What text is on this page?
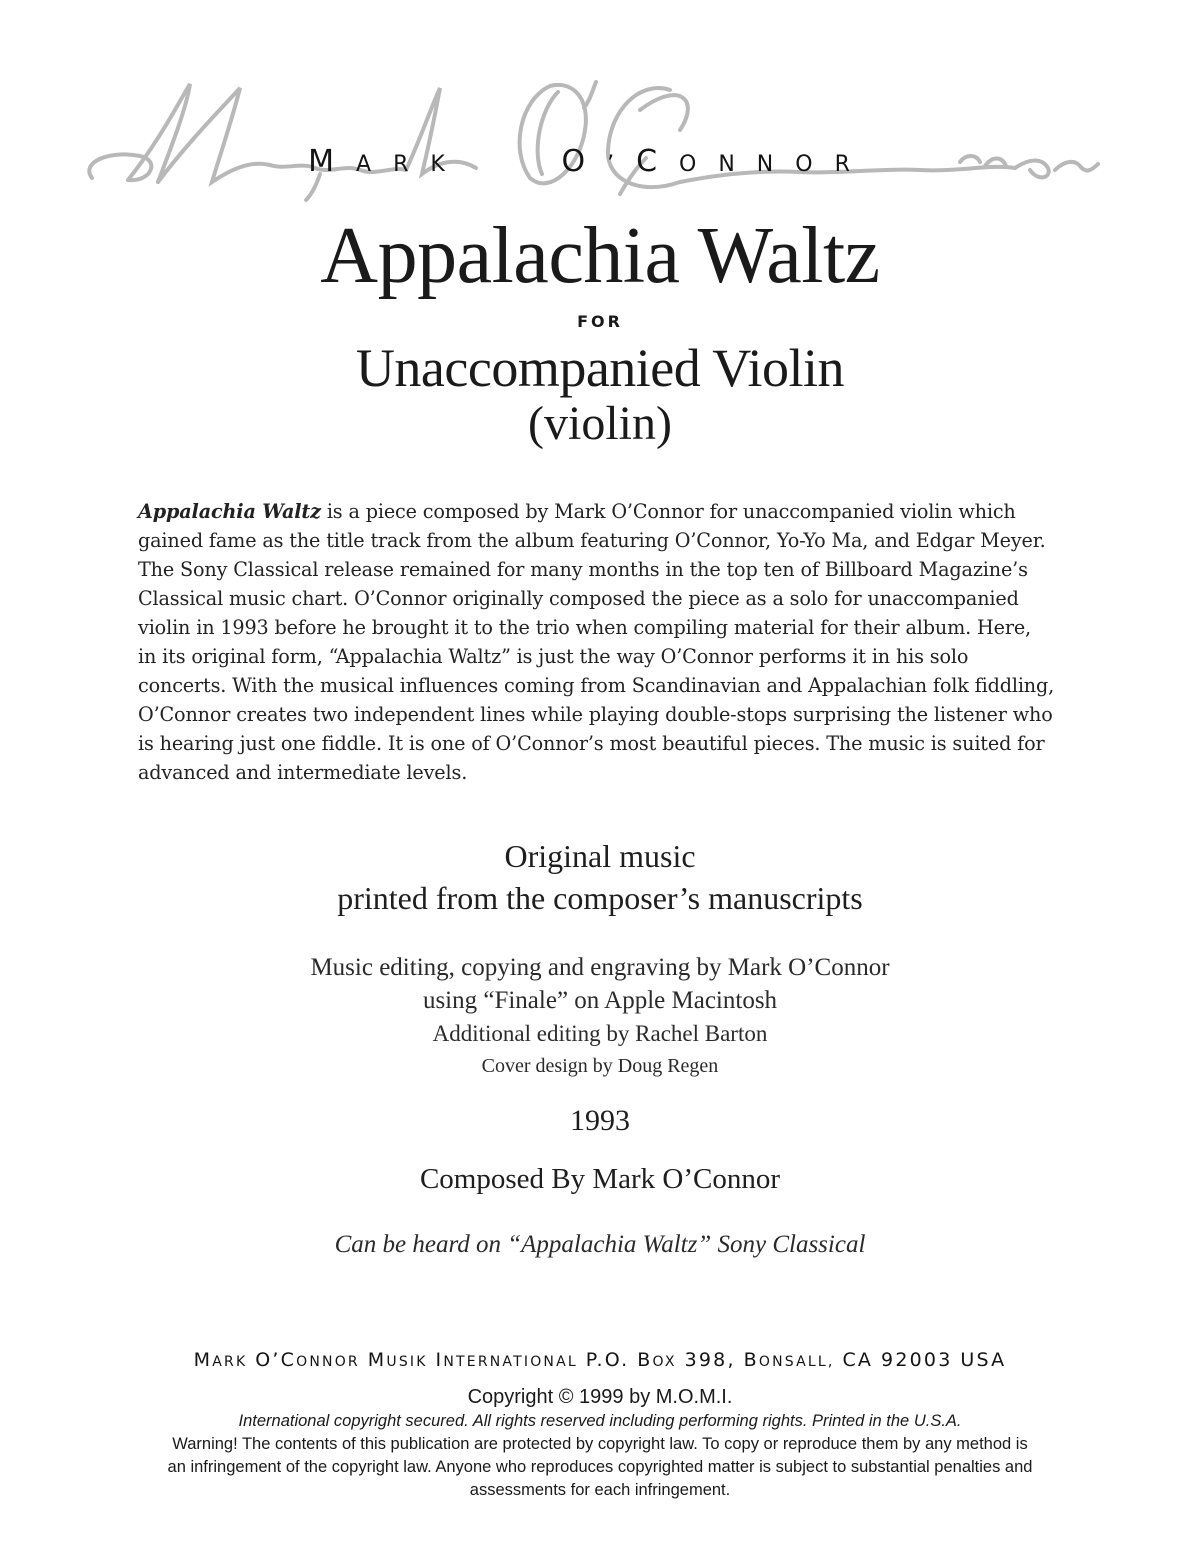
MARK	O’CONNOR
Appalachia Waltz
FOR
Unaccompanied Violin
(violin)
Appalachia Waltz is a piece composed by Mark O’Connor for unaccompanied violin which
gained fame as the title track from the album featuring O’Connor, Yo-Yo Ma, and Edgar Meyer.
The Sony Classical release remained for many months in the top ten of Billboard Magazine’s
Classical music chart. O’Connor originally composed the piece as a solo for unaccompanied
violin in 1993 before he brought it to the trio when compiling material for their album. Here,
in its original form, “Appalachia Waltz” is just the way O’Connor performs it in his solo
concerts. With the musical influences coming from Scandinavian and Appalachian folk fiddling,
O’Connor creates two independent lines while playing double-stops surprising the listener who
is hearing just one fiddle. It is one of O’Connor’s most beautiful pieces. The music is suited for
advanced and intermediate levels.
Original music
printed from the composer’s manuscripts
Music editing, copying and engraving by Mark O’Connor
using “Finale” on Apple Macintosh
Additional editing by Rachel Barton
Cover design by Doug Regen
1993
Composed By Mark O’Connor
Can be heard on “Appalachia Waltz” Sony Classical
MARK O’CONNOR MUSIK INTERNATIONAL P.O. BOX 398, BONSALL, CA 92003 USA
Copyright © 1999 by M.O.M.I.
International copyright secured. All rights reserved including performing rights. Printed in the U.S.A.
Warning! The contents of this publication are protected by copyright law. To copy or reproduce them by any method is
an infringement of the copyright law. Anyone who reproduces copyrighted matter is subject to substantial penalties and
assessments for each infringement.
